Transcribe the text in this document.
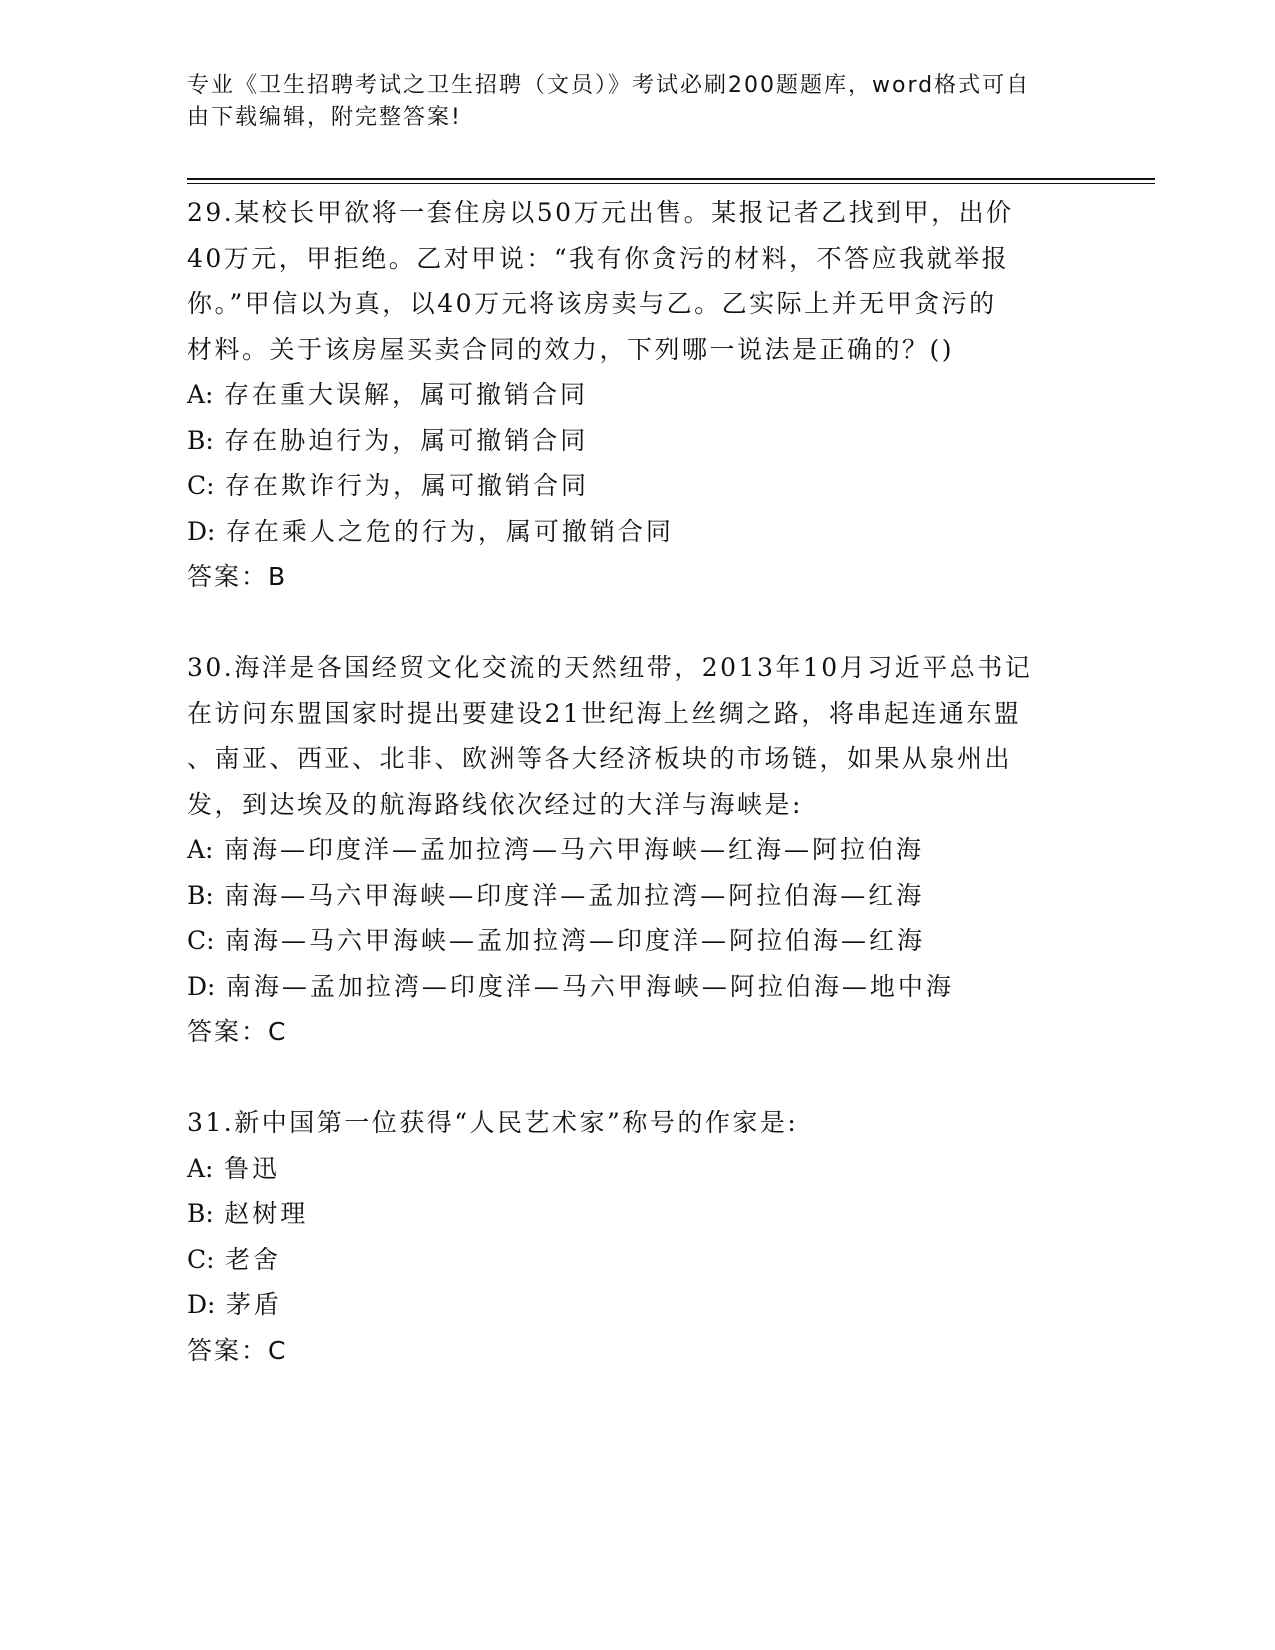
专业《卫生招聘考试之卫生招聘（文员）》考试必刷200题题库，word格式可自
由下载编辑，附完整答案!
29.某校长甲欲将一套住房以50万元出售。某报记者乙找到甲，出价
40万元，甲拒绝。乙对甲说：“我有你贪污的材料，不答应我就举报
你。”甲信以为真，以40万元将该房卖与乙。乙实际上并无甲贪污的
材料。关于该房屋买卖合同的效力，下列哪一说法是正确的？()
A: 存在重大误解，属可撤销合同
B: 存在胁迫行为，属可撤销合同
C: 存在欺诈行为，属可撤销合同
D: 存在乘人之危的行为，属可撤销合同
答案：B
30.海洋是各国经贸文化交流的天然纽带，2013年10月习近平总书记
在访问东盟国家时提出要建设21世纪海上丝绸之路，将串起连通东盟
、南亚、西亚、北非、欧洲等各大经济板块的市场链，如果从泉州出
发，到达埃及的航海路线依次经过的大洋与海峡是:
A: 南海—印度洋—孟加拉湾—马六甲海峡—红海—阿拉伯海
B: 南海—马六甲海峡—印度洋—孟加拉湾—阿拉伯海—红海
C: 南海—马六甲海峡—孟加拉湾—印度洋—阿拉伯海—红海
D: 南海—孟加拉湾—印度洋—马六甲海峡—阿拉伯海—地中海
答案：C
31.新中国第一位获得“人民艺术家”称号的作家是:
A: 鲁迅
B: 赵树理
C: 老舍
D: 茅盾
答案：C
